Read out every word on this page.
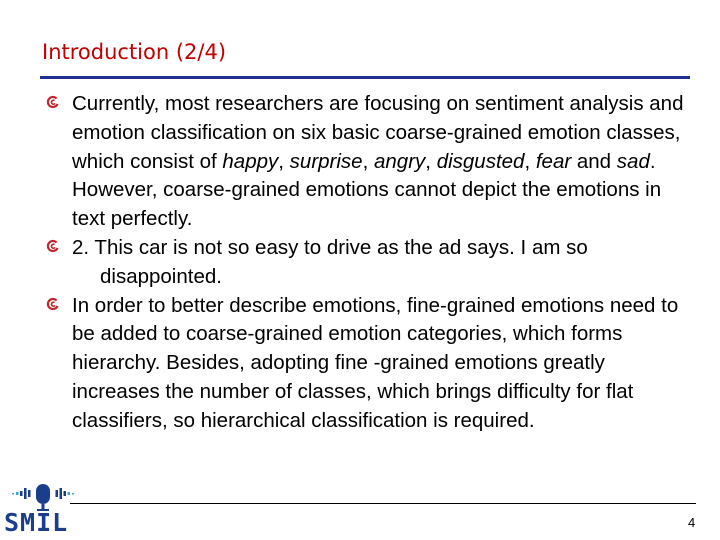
Introduction (2/4)

Currently, most researchers are focusing on sentiment analysis and emotion classification on six basic coarse-grained emotion classes, which consist of happy, surprise, angry, disgusted, fear and sad. However, coarse-grained emotions cannot depict the emotions in text perfectly.

2. This car is not so easy to drive as the ad says. I am so
disappointed.

In order to better describe emotions, fine-grained emotions need to be added to coarse-grained emotion categories, which forms hierarchy. Besides, adopting fine -grained emotions greatly increases the number of classes, which brings difficulty for flat classifiers, so hierarchical classification is required.

SMIL	4
